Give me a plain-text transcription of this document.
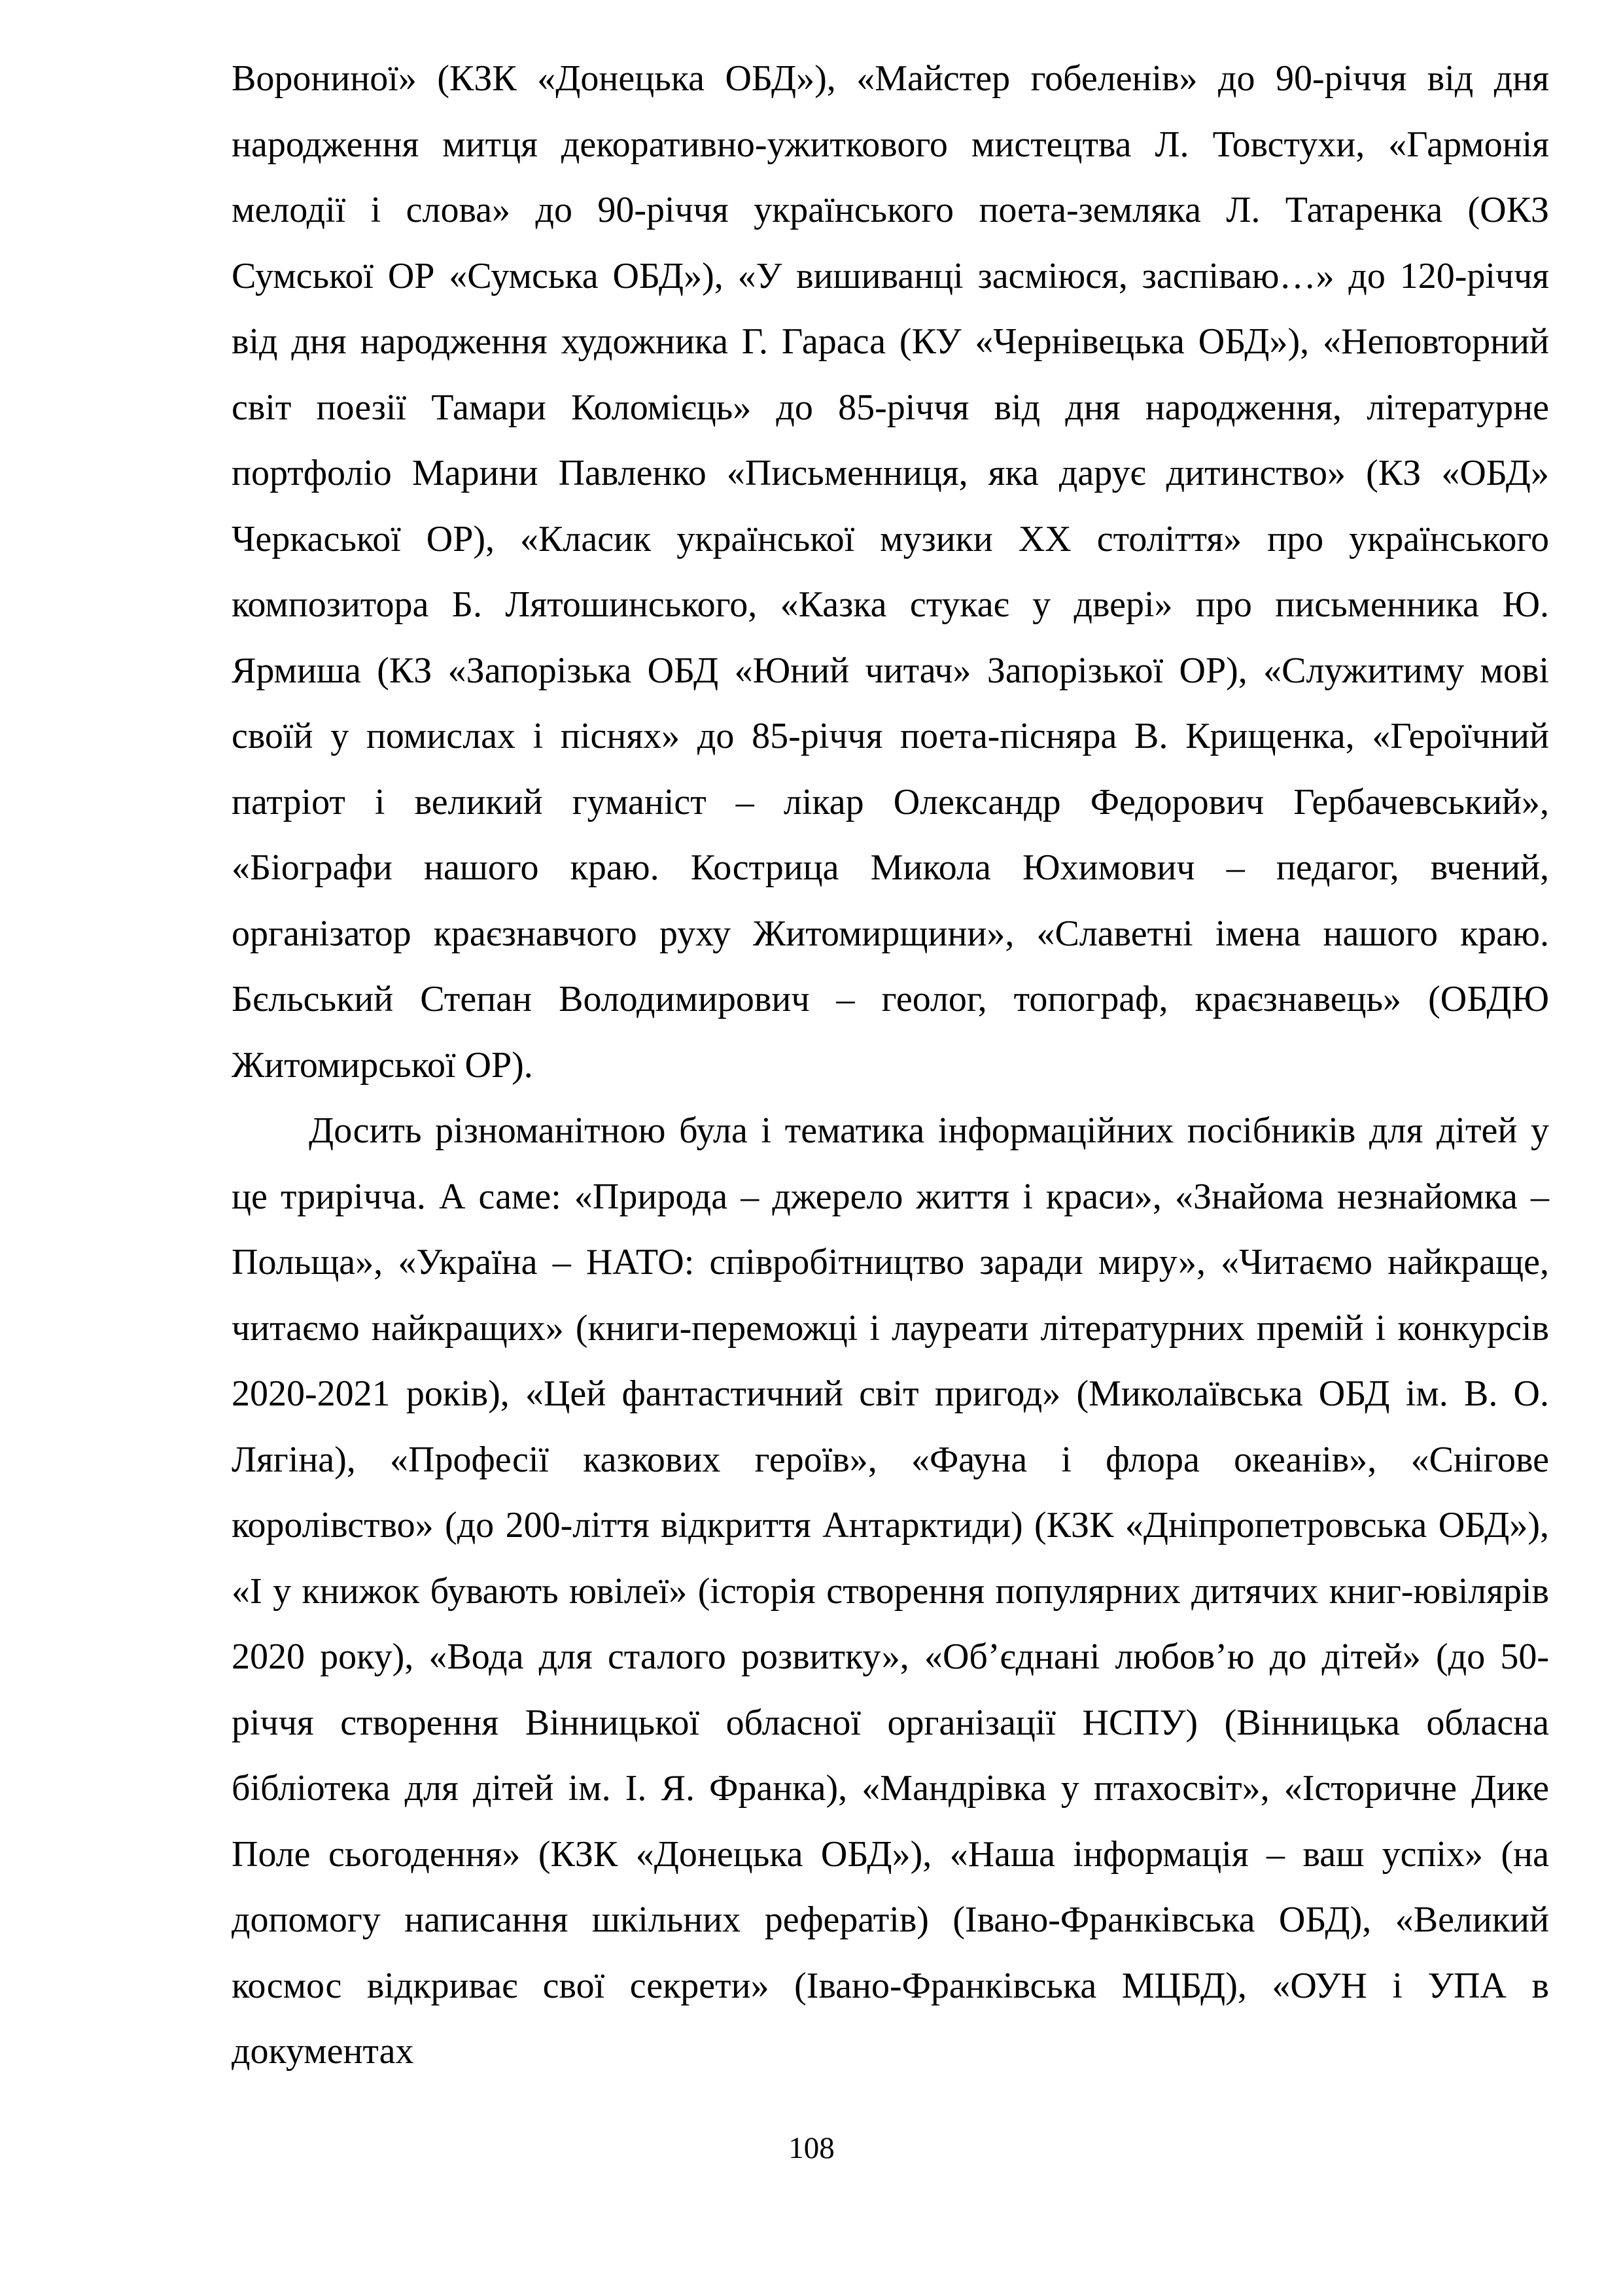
Ворониної» (КЗК «Донецька ОБД»), «Майстер гобеленів» до 90-річчя від дня народження митця декоративно-ужиткового мистецтва Л. Товстухи, «Гармонія мелодії і слова» до 90-річчя українського поета-земляка Л. Татаренка (ОКЗ Сумської ОР «Сумська ОБД»), «У вишиванці засміюся, заспіваю…» до 120-річчя від дня народження художника Г. Гараса (КУ «Чернівецька ОБД»), «Неповторний світ поезії Тамари Коломієць» до 85-річчя від дня народження, літературне портфоліо Марини Павленко «Письменниця, яка дарує дитинство» (КЗ «ОБД» Черкаської ОР), «Класик української музики ХХ століття» про українського композитора Б. Лятошинського, «Казка стукає у двері» про письменника Ю. Ярмиша (КЗ «Запорізька ОБД «Юний читач» Запорізької ОР), «Служитиму мові своїй у помислах і піснях» до 85-річчя поета-пісняра В. Крищенка, «Героїчний патріот і великий гуманіст – лікар Олександр Федорович Гербачевський», «Біографи нашого краю. Кострица Микола Юхимович – педагог, вчений, організатор краєзнавчого руху Житомирщини», «Славетні імена нашого краю. Бєльський Степан Володимирович – геолог, топограф, краєзнавець» (ОБДЮ Житомирської ОР).

Досить різноманітною була і тематика інформаційних посібників для дітей у це трирічча. А саме: «Природа – джерело життя і краси», «Знайома незнайомка – Польща», «Україна – НАТО: співробітництво заради миру», «Читаємо найкраще, читаємо найкращих» (книги-переможці і лауреати літературних премій і конкурсів 2020-2021 років), «Цей фантастичний світ пригод» (Миколаївська ОБД ім. В. О. Лягіна), «Професії казкових героїв», «Фауна і флора океанів», «Снігове королівство» (до 200-ліття відкриття Антарктиди) (КЗК «Дніпропетровська ОБД»), «І у книжок бувають ювілеї» (історія створення популярних дитячих книг-ювілярів 2020 року), «Вода для сталого розвитку», «Об’єднані любов’ю до дітей» (до 50-річчя створення Вінницької обласної організації НСПУ) (Вінницька обласна бібліотека для дітей ім. І. Я. Франка), «Мандрівка у птахосвіт», «Історичне Дике Поле сьогодення» (КЗК «Донецька ОБД»), «Наша інформація – ваш успіх» (на допомогу написання шкільних рефератів) (Івано-Франківська ОБД), «Великий космос відкриває свої секрети» (Івано-Франківська МЦБД), «ОУН і УПА в документах

108
